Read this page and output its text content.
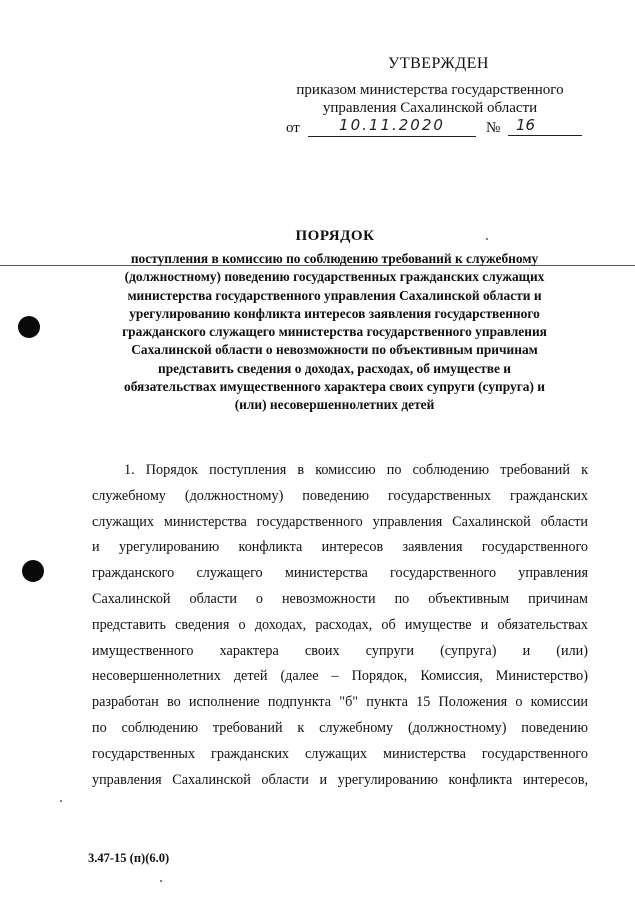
УТВЕРЖДЕН
приказом министерства государственного
управления Сахалинской области
от	10.11.2020	№	16
ПОРЯДОК
поступления в комиссию по соблюдению требований к служебному
(должностному) поведению государственных гражданских служащих
министерства государственного управления Сахалинской области и
урегулированию конфликта интересов заявления государственного
гражданского служащего министерства государственного управления
Сахалинской области о невозможности по объективным причинам
представить сведения о доходах, расходах, об имуществе и
обязательствах имущественного характера своих супруги (супруга) и
(или) несовершеннолетних детей
1. Порядок поступления в комиссию по соблюдению требований к
служебному (должностному) поведению государственных гражданских
служащих министерства государственного управления Сахалинской области
и урегулированию конфликта интересов заявления государственного
гражданского служащего министерства государственного управления
Сахалинской области о невозможности по объективным причинам
представить сведения о доходах, расходах, об имуществе и обязательствах
имущественного характера своих супруги (супруга) и (или)
несовершеннолетних детей (далее – Порядок, Комиссия, Министерство)
разработан во исполнение подпункта "б" пункта 15 Положения о комиссии
по соблюдению требований к служебному (должностному) поведению
государственных гражданских служащих министерства государственного
управления Сахалинской области и урегулированию конфликта интересов,
3.47-15 (п)(6.0)
